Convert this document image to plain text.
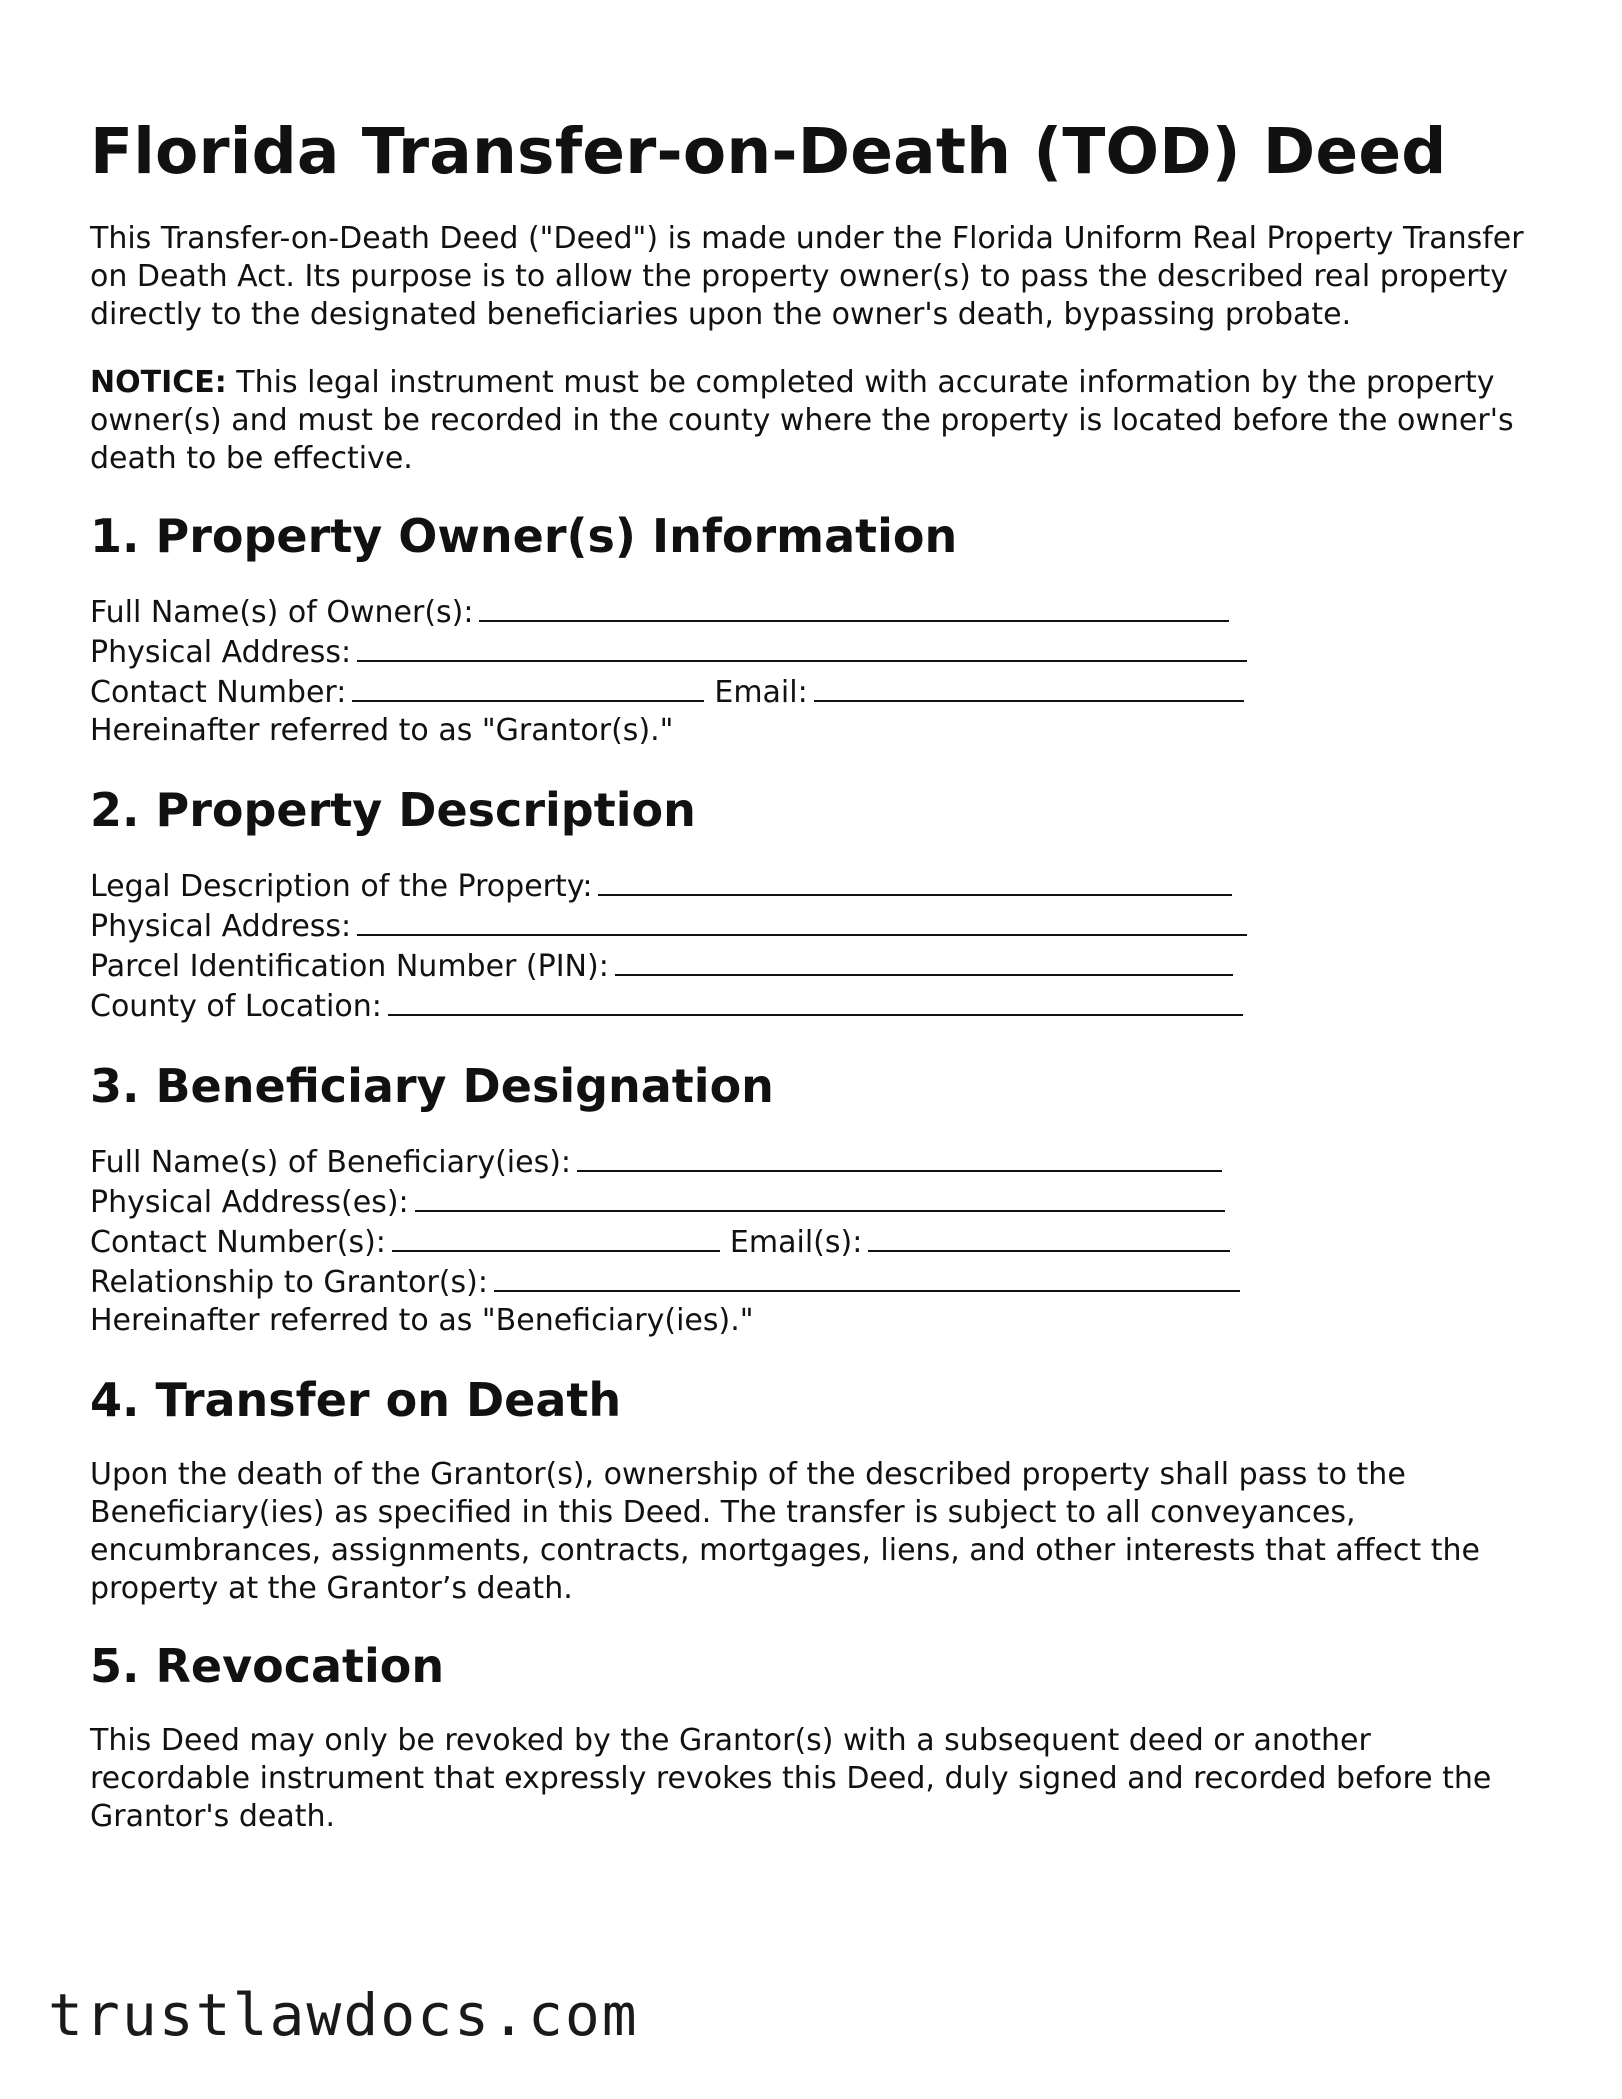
Florida Transfer-on-Death (TOD) Deed

This Transfer-on-Death Deed ("Deed") is made under the Florida Uniform Real Property Transfer on Death Act. Its purpose is to allow the property owner(s) to pass the described real property directly to the designated beneficiaries upon the owner's death, bypassing probate.

NOTICE: This legal instrument must be completed with accurate information by the property owner(s) and must be recorded in the county where the property is located before the owner's death to be effective.

1. Property Owner(s) Information
Full Name(s) of Owner(s):
Physical Address:
Contact Number:	Email:
Hereinafter referred to as "Grantor(s)."
2. Property Description
Legal Description of the Property:
Physical Address:
Parcel Identification Number (PIN):
County of Location:
3. Beneficiary Designation
Full Name(s) of Beneficiary(ies):
Physical Address(es):
Contact Number(s):	Email(s):
Relationship to Grantor(s):
Hereinafter referred to as "Beneficiary(ies)."
4. Transfer on Death

Upon the death of the Grantor(s), ownership of the described property shall pass to the Beneficiary(ies) as specified in this Deed. The transfer is subject to all conveyances, encumbrances, assignments, contracts, mortgages, liens, and other interests that affect the property at the Grantor’s death.

5. Revocation

This Deed may only be revoked by the Grantor(s) with a subsequent deed or another recordable instrument that expressly revokes this Deed, duly signed and recorded before the Grantor's death.

trustlawdocs.com
